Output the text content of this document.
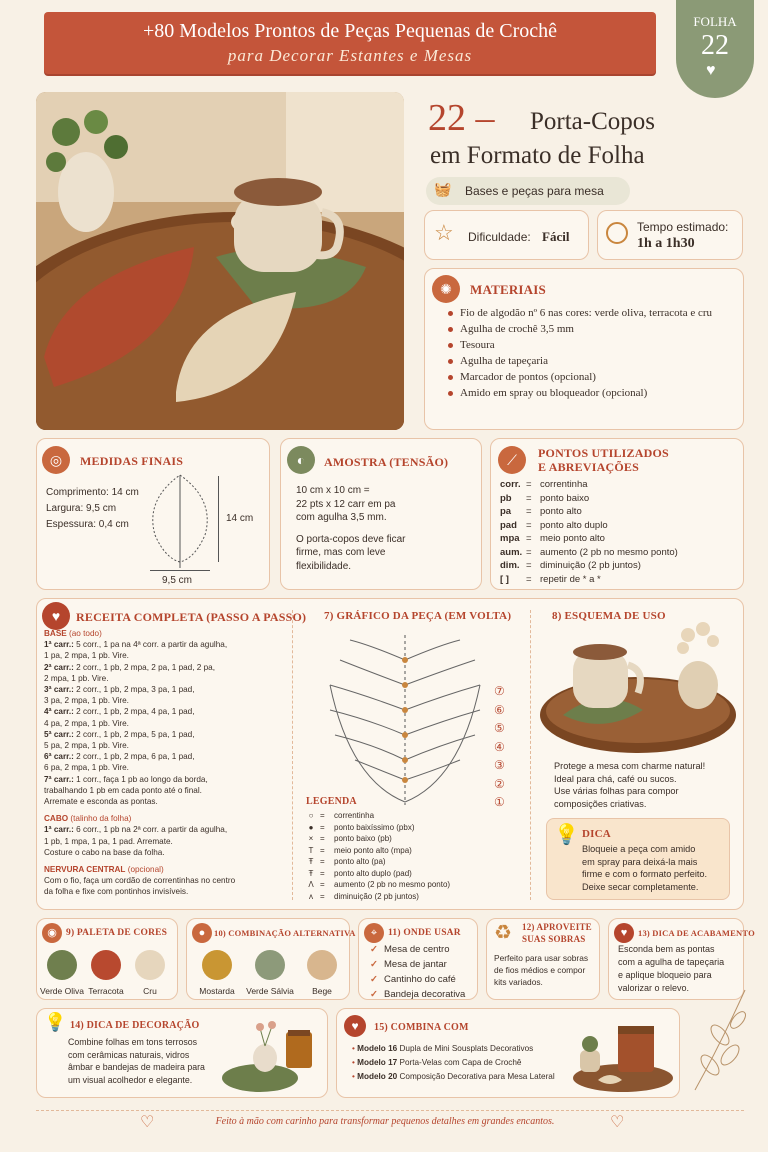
+80 Modelos Prontos de Peças Pequenas de Crochê
para Decorar Estantes e Mesas
FOLHA
22
♥
22 – Porta-Copos
em Formato de Folha
🧺 Bases e peças para mesa
☆ Dificuldade: Fácil
Tempo estimado:
1h a 1h30
✺	MATERIAIS
Fio de algodão nº 6 nas cores: verde oliva, terracota e cru
Agulha de crochê 3,5 mm
Tesoura
Agulha de tapeçaria
Marcador de pontos (opcional)
Amido em spray ou bloqueador (opcional)
◎	MEDIDAS FINAIS
Comprimento: 14 cm
Largura: 9,5 cm
Espessura: 0,4 cm
14 cm
9,5 cm
◐	AMOSTRA (TENSÃO)
10 cm x 10 cm =
22 pts x 12 carr em pa
com agulha 3,5 mm.
O porta-copos deve ficar
firme, mas com leve
flexibilidade.
⟋	PONTOS UTILIZADOS
E ABREVIAÇÕES
corr. = correntinha
pb	= ponto baixo
pa	= ponto alto
pad = ponto alto duplo
mpa = meio ponto alto
aum. = aumento (2 pb no mesmo ponto)
dim. = diminuição (2 pb juntos)
[ ]	= repetir de * a *
♥	RECEITA COMPLETA (PASSO A PASSO)
BASE (ao todo)
1ª carr.: 5 corr., 1 pa na 4ª corr. a partir da agulha,
1 pa, 2 mpa, 1 pb. Vire.
2ª carr.: 2 corr., 1 pb, 2 mpa, 2 pa, 1 pad, 2 pa,
2 mpa, 1 pb. Vire.
3ª carr.: 2 corr., 1 pb, 2 mpa, 3 pa, 1 pad,
3 pa, 2 mpa, 1 pb. Vire.
4ª carr.: 2 corr., 1 pb, 2 mpa, 4 pa, 1 pad,
4 pa, 2 mpa, 1 pb. Vire.
5ª carr.: 2 corr., 1 pb, 2 mpa, 5 pa, 1 pad,
5 pa, 2 mpa, 1 pb. Vire.
6ª carr.: 2 corr., 1 pb, 2 mpa, 6 pa, 1 pad,
6 pa, 2 mpa, 1 pb. Vire.
7ª carr.: 1 corr., faça 1 pb ao longo da borda,
trabalhando 1 pb em cada ponto até o final.
Arremate e esconda as pontas.
CABO (talinho da folha)
1ª carr.: 6 corr., 1 pb na 2ª corr. a partir da agulha,
1 pb, 1 mpa, 1 pa, 1 pad. Arremate.
Costure o cabo na base da folha.
NERVURA CENTRAL (opcional)
Com o fio, faça um cordão de correntinhas no centro
da folha e fixe com pontinhos invisíveis.
7) GRÁFICO DA PEÇA (EM VOLTA)
⑦
⑥
⑤
④
③
②
①
LEGENDA
○ =	correntinha
● =	ponto baixíssimo (pbx)
× =	ponto baixo (pb)
T =	meio ponto alto (mpa)
Ŧ =	ponto alto (pa)
Ŧ =	ponto alto duplo (pad)
Ʌ =	aumento (2 pb no mesmo ponto)
ʌ =	diminuição (2 pb juntos)
8) ESQUEMA DE USO
Protege a mesa com charme natural!
Ideal para chá, café ou sucos.
Use várias folhas para compor
composições criativas.
💡 DICA
Bloqueie a peça com amido
em spray para deixá-la mais
firme e com o formato perfeito.
Deixe secar completamente.
◉ 9) PALETA DE CORES
Verde Oliva Terracota	Cru
●	10) COMBINAÇÃO ALTERNATIVA
Mostarda	Verde Sálvia	Bege
⌖	11) ONDE USAR
✓ Mesa de centro
✓ Mesa de jantar
✓ Cantinho do café
✓ Bandeja decorativa
♻ 12) APROVEITE
SUAS SOBRAS
Perfeito para usar sobras
de fios médios e compor
kits variados.
♥	13) DICA DE ACABAMENTO
Esconda bem as pontas
com a agulha de tapeçaria
e aplique bloqueio para
valorizar o relevo.
💡 14) DICA DE DECORAÇÃO
Combine folhas em tons terrosos
com cerâmicas naturais, vidros
âmbar e bandejas de madeira para
um visual acolhedor e elegante.
♥	15) COMBINA COM
• Modelo 16 Dupla de Mini Sousplats Decorativos
• Modelo 17 Porta-Velas com Capa de Crochê
• Modelo 20 Composição Decorativa para Mesa Lateral
♡	Feito à mão com carinho para transformar pequenos detalhes em grandes encantos.	♡
